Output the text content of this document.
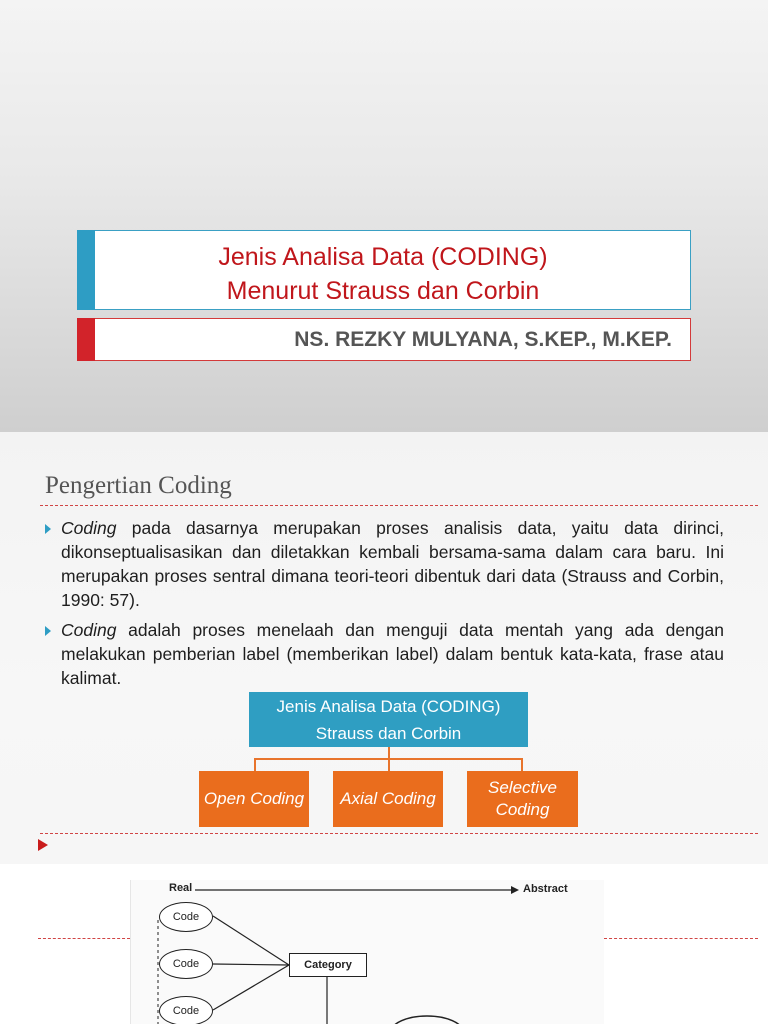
Jenis Analisa Data (CODING)
Menurut Strauss dan Corbin
NS. REZKY MULYANA, S.KEP., M.KEP.
Pengertian Coding
Coding pada dasarnya merupakan proses analisis data, yaitu data dirinci, dikonseptualisasikan dan diletakkan kembali bersama-sama dalam cara baru. Ini merupakan proses sentral dimana teori-teori dibentuk dari data (Strauss and Corbin, 1990: 57).
Coding adalah proses menelaah dan menguji data mentah yang ada dengan melakukan pemberian label (memberikan label) dalam bentuk kata-kata, frase atau kalimat.
Jenis Analisa Data (CODING)
Strauss dan Corbin
Open Coding	Axial Coding
Selective Coding
Real	Abstract
Code
Code
Code
Category
